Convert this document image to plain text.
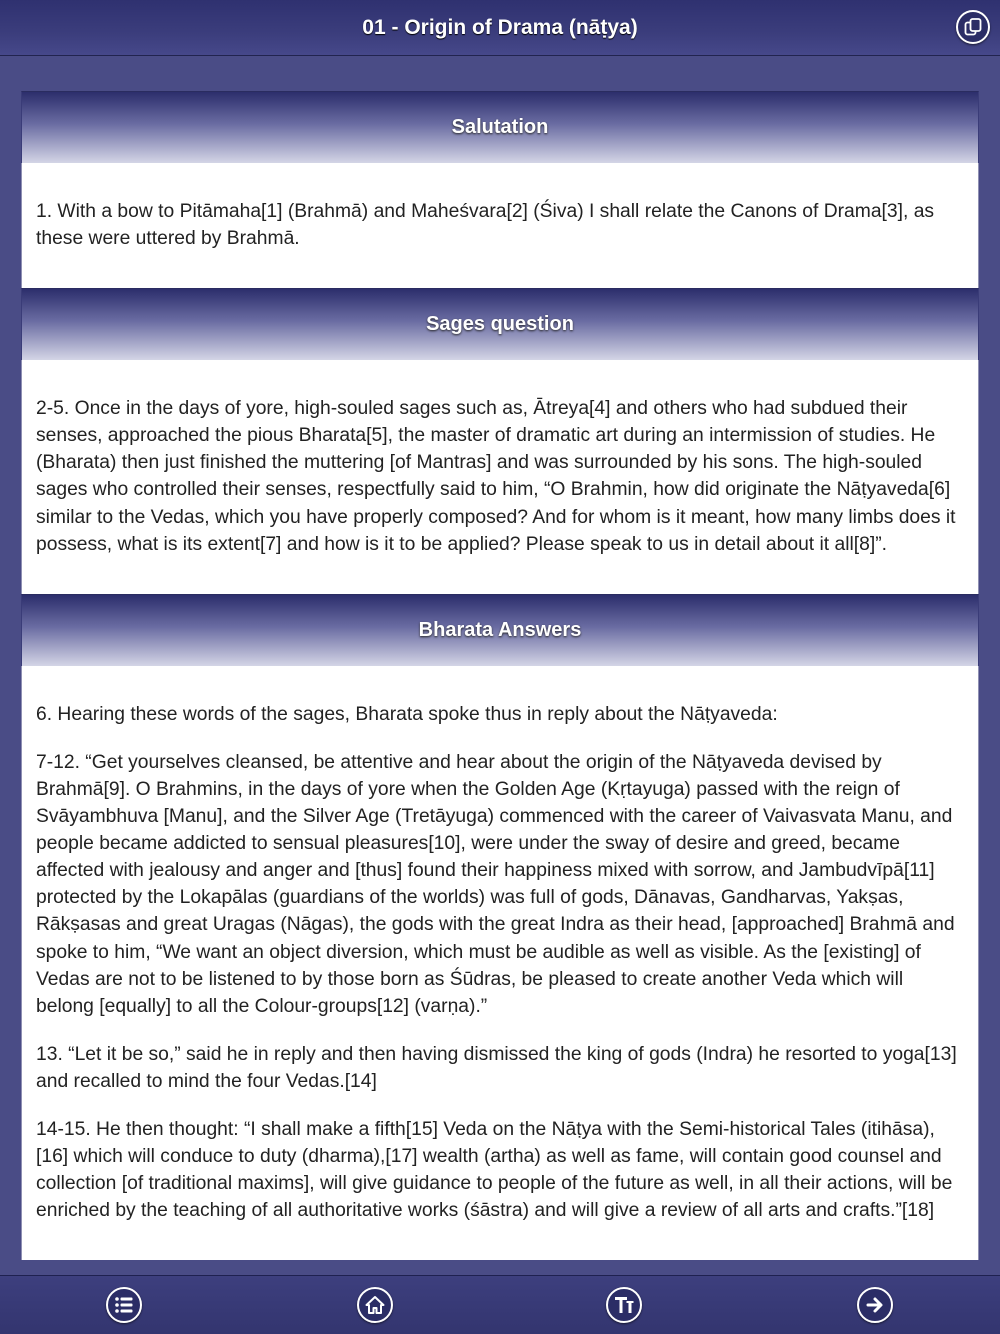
01 - Origin of Drama (nāṭya)
Salutation

1. With a bow to Pitāmaha[1] (Brahmā) and Maheśvara[2] (Śiva) I shall relate the Canons of Drama[3], as these were uttered by Brahmā.

Sages question

2-5. Once in the days of yore, high-souled sages such as, Ātreya[4] and others who had subdued their senses, approached the pious Bharata[5], the master of dramatic art during an intermission of studies. He (Bharata) then just finished the muttering [of Mantras] and was surrounded by his sons. The high-souled sages who controlled their senses, respectfully said to him, “O Brahmin, how did originate the Nāṭyaveda[6] similar to the Vedas, which you have properly composed? And for whom is it meant, how many limbs does it possess, what is its extent[7] and how is it to be applied? Please speak to us in detail about it all[8]”.

Bharata Answers

6. Hearing these words of the sages, Bharata spoke thus in reply about the Nāṭyaveda:

7-12. “Get yourselves cleansed, be attentive and hear about the origin of the Nāṭyaveda devised by Brahmā[9]. O Brahmins, in the days of yore when the Golden Age (Kṛtayuga) passed with the reign of Svāyambhuva [Manu], and the Silver Age (Tretāyuga) commenced with the career of Vaivasvata Manu, and people became addicted to sensual pleasures[10], were under the sway of desire and greed, became affected with jealousy and anger and [thus] found their happiness mixed with sorrow, and Jambudvīpā[11] protected by the Lokapālas (guardians of the worlds) was full of gods, Dānavas, Gandharvas, Yakṣas, Rākṣasas and great Uragas (Nāgas), the gods with the great Indra as their head, [approached] Brahmā and spoke to him, “We want an object diversion, which must be audible as well as visible. As the [existing] of Vedas are not to be listened to by those born as Śūdras, be pleased to create another Veda which will belong [equally] to all the Colour-groups[12] (varṇa).”

13. “Let it be so,” said he in reply and then having dismissed the king of gods (Indra) he resorted to yoga[13] and recalled to mind the four Vedas.[14]

14-15. He then thought: “I shall make a fifth[15] Veda on the Nāṭya with the Semi-historical Tales (itihāsa),[16] which will conduce to duty (dharma),[17] wealth (artha) as well as fame, will contain good counsel and collection [of traditional maxims], will give guidance to people of the future as well, in all their actions, will be enriched by the teaching of all authoritative works (śāstra) and will give a review of all arts and crafts.”[18]
